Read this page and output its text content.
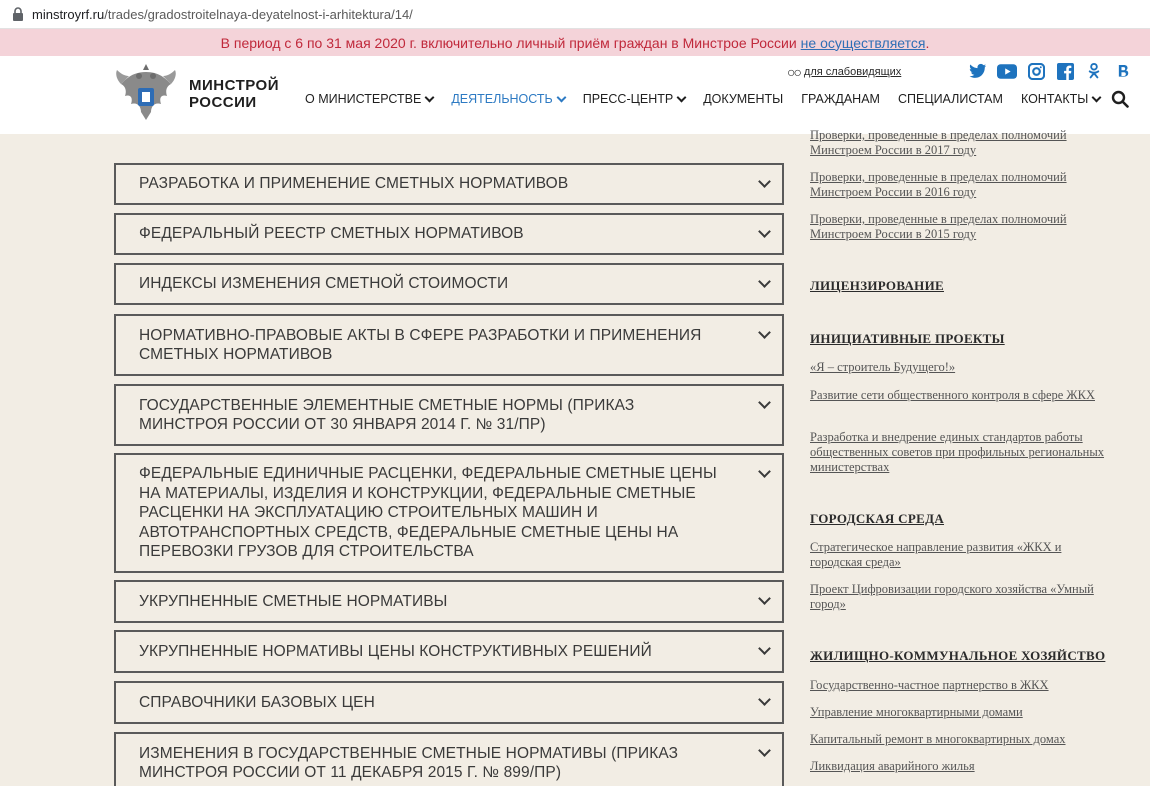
minstroyrf.ru/trades/gradostroitelnaya-deyatelnost-i-arhitektura/14/
В период с 6 по 31 мая 2020 г. включительно личный приём граждан в Минстрое России не осуществляется .
МИНСТРОЙ
РОССИИ
○○ для слабовидящих
О МИНИСТЕРСТВЕ ДЕЯТЕЛЬНОСТЬ ПРЕСС-ЦЕНТР ДОКУМЕНТЫ ГРАЖДАНАМ СПЕЦИАЛИСТАМ КОНТАКТЫ
РАЗРАБОТКА И ПРИМЕНЕНИЕ СМЕТНЫХ НОРМАТИВОВ
ФЕДЕРАЛЬНЫЙ РЕЕСТР СМЕТНЫХ НОРМАТИВОВ
ИНДЕКСЫ ИЗМЕНЕНИЯ СМЕТНОЙ СТОИМОСТИ
НОРМАТИВНО-ПРАВОВЫЕ АКТЫ В СФЕРЕ РАЗРАБОТКИ И ПРИМЕНЕНИЯ СМЕТНЫХ НОРМАТИВОВ
ГОСУДАРСТВЕННЫЕ ЭЛЕМЕНТНЫЕ СМЕТНЫЕ НОРМЫ (ПРИКАЗ МИНСТРОЯ РОССИИ ОТ 30 ЯНВАРЯ 2014 Г. № 31/ПР)
ФЕДЕРАЛЬНЫЕ ЕДИНИЧНЫЕ РАСЦЕНКИ, ФЕДЕРАЛЬНЫЕ СМЕТНЫЕ ЦЕНЫ НА МАТЕРИАЛЫ, ИЗДЕЛИЯ И КОНСТРУКЦИИ, ФЕДЕРАЛЬНЫЕ СМЕТНЫЕ РАСЦЕНКИ НА ЭКСПЛУАТАЦИЮ СТРОИТЕЛЬНЫХ МАШИН И АВТОТРАНСПОРТНЫХ СРЕДСТВ, ФЕДЕРАЛЬНЫЕ СМЕТНЫЕ ЦЕНЫ НА ПЕРЕВОЗКИ ГРУЗОВ ДЛЯ СТРОИТЕЛЬСТВА
УКРУПНЕННЫЕ СМЕТНЫЕ НОРМАТИВЫ
УКРУПНЕННЫЕ НОРМАТИВЫ ЦЕНЫ КОНСТРУКТИВНЫХ РЕШЕНИЙ
СПРАВОЧНИКИ БАЗОВЫХ ЦЕН
ИЗМЕНЕНИЯ В ГОСУДАРСТВЕННЫЕ СМЕТНЫЕ НОРМАТИВЫ (ПРИКАЗ МИНСТРОЯ РОССИИ ОТ 11 ДЕКАБРЯ 2015 Г. № 899/ПР)
Проверки, проведенные в пределах полномочий Минстроем России в 2017 году
Проверки, проведенные в пределах полномочий Минстроем России в 2016 году
Проверки, проведенные в пределах полномочий Минстроем России в 2015 году
ЛИЦЕНЗИРОВАНИЕ
ИНИЦИАТИВНЫЕ ПРОЕКТЫ
«Я – строитель Будущего!»
Развитие сети общественного контроля в сфере ЖКХ
Разработка и внедрение единых стандартов работы общественных советов при профильных региональных министерствах
ГОРОДСКАЯ СРЕДА
Стратегическое направление развития «ЖКХ и городская среда»
Проект Цифровизации городского хозяйства «Умный город»
ЖИЛИЩНО-КОММУНАЛЬНОЕ ХОЗЯЙСТВО
Государственно-частное партнерство в ЖКХ
Управление многоквартирными домами
Капитальный ремонт в многоквартирных домах
Ликвидация аварийного жилья
